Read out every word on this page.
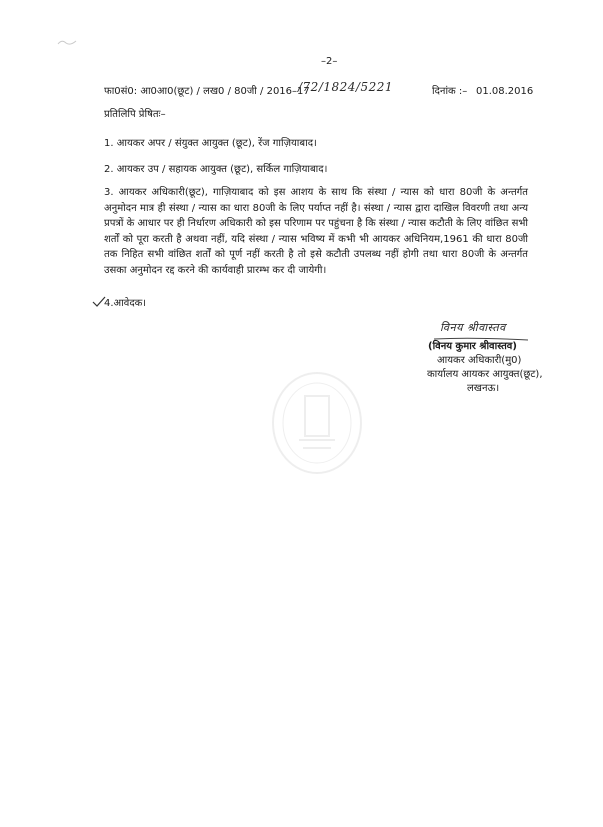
–2–
फा0सं0: आ0आ0(छूट) / लख0 / 80जी / 2016–17
/72/1824/5221	दिनांक :– 01.08.2016
प्रतिलिपि प्रेषितः–
1. आयकर अपर / संयुक्त आयुक्त (छूट), रेंज गाज़ियाबाद।
2. आयकर उप / सहायक आयुक्त (छूट), सर्किल गाज़ियाबाद।
3. आयकर अधिकारी(छूट), गाज़ियाबाद को इस आशय के साथ कि संस्था / न्यास को धारा 80जी के अन्तर्गत अनुमोदन मात्र ही संस्था / न्यास का धारा 80जी के लिए पर्याप्त नहीं है। संस्था / न्यास द्वारा दाखिल विवरणी तथा अन्य प्रपत्रों के आधार पर ही निर्धारण अधिकारी को इस परिणाम पर पहुंचना है कि संस्था / न्यास कटौती के लिए वांछित सभी शर्तों को पूरा करती है अथवा नहीं, यदि संस्था / न्यास भविष्य में कभी भी आयकर अधिनियम,1961 की धारा 80जी तक निहित सभी वांछित शर्तों को पूर्ण नहीं करती है तो इसे कटौती उपलब्ध नहीं होगी तथा धारा 80जी के अन्तर्गत उसका अनुमोदन रद्द करने की कार्यवाही प्रारम्भ कर दी जायेगी।
4.आवेदक।
विनय श्रीवास्तव
(विनय कुमार श्रीवास्तव)
आयकर अधिकारी(मु0)
कार्यालय आयकर आयुक्त(छूट),
लखनऊ।
